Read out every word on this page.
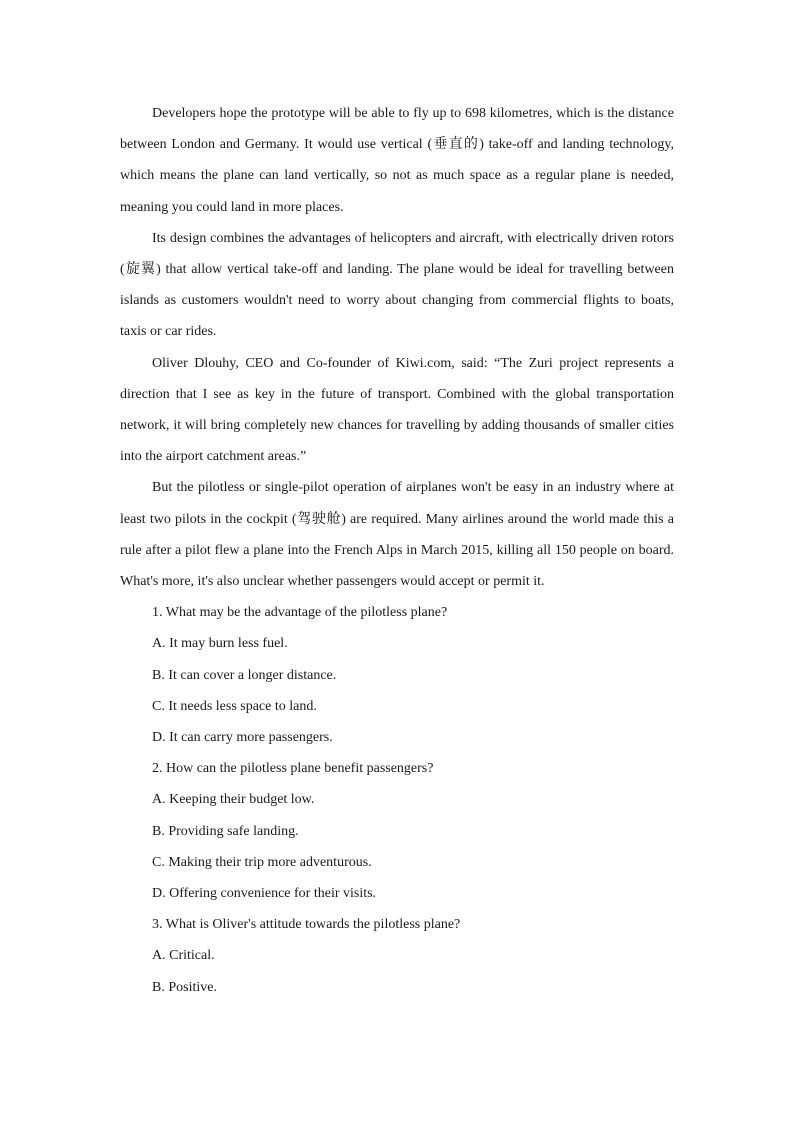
Developers hope the prototype will be able to fly up to 698 kilometres, which is the distance between London and Germany. It would use vertical (垂直的) take-off and landing technology, which means the plane can land vertically, so not as much space as a regular plane is needed, meaning you could land in more places.

Its design combines the advantages of helicopters and aircraft, with electrically driven rotors (旋翼) that allow vertical take-off and landing. The plane would be ideal for travelling between islands as customers wouldn't need to worry about changing from commercial flights to boats, taxis or car rides.

Oliver Dlouhy, CEO and Co-founder of Kiwi.com, said: “The Zuri project represents a direction that I see as key in the future of transport. Combined with the global transportation network, it will bring completely new chances for travelling by adding thousands of smaller cities into the airport catchment areas.”

But the pilotless or single-pilot operation of airplanes won't be easy in an industry where at least two pilots in the cockpit (驾驶舱) are required. Many airlines around the world made this a rule after a pilot flew a plane into the French Alps in March 2015, killing all 150 people on board. What's more, it's also unclear whether passengers would accept or permit it.

1. What may be the advantage of the pilotless plane?

A. It may burn less fuel.

B. It can cover a longer distance.

C. It needs less space to land.

D. It can carry more passengers.

2. How can the pilotless plane benefit passengers?

A. Keeping their budget low.

B. Providing safe landing.

C. Making their trip more adventurous.

D. Offering convenience for their visits.

3. What is Oliver's attitude towards the pilotless plane?

A. Critical.

B. Positive.
